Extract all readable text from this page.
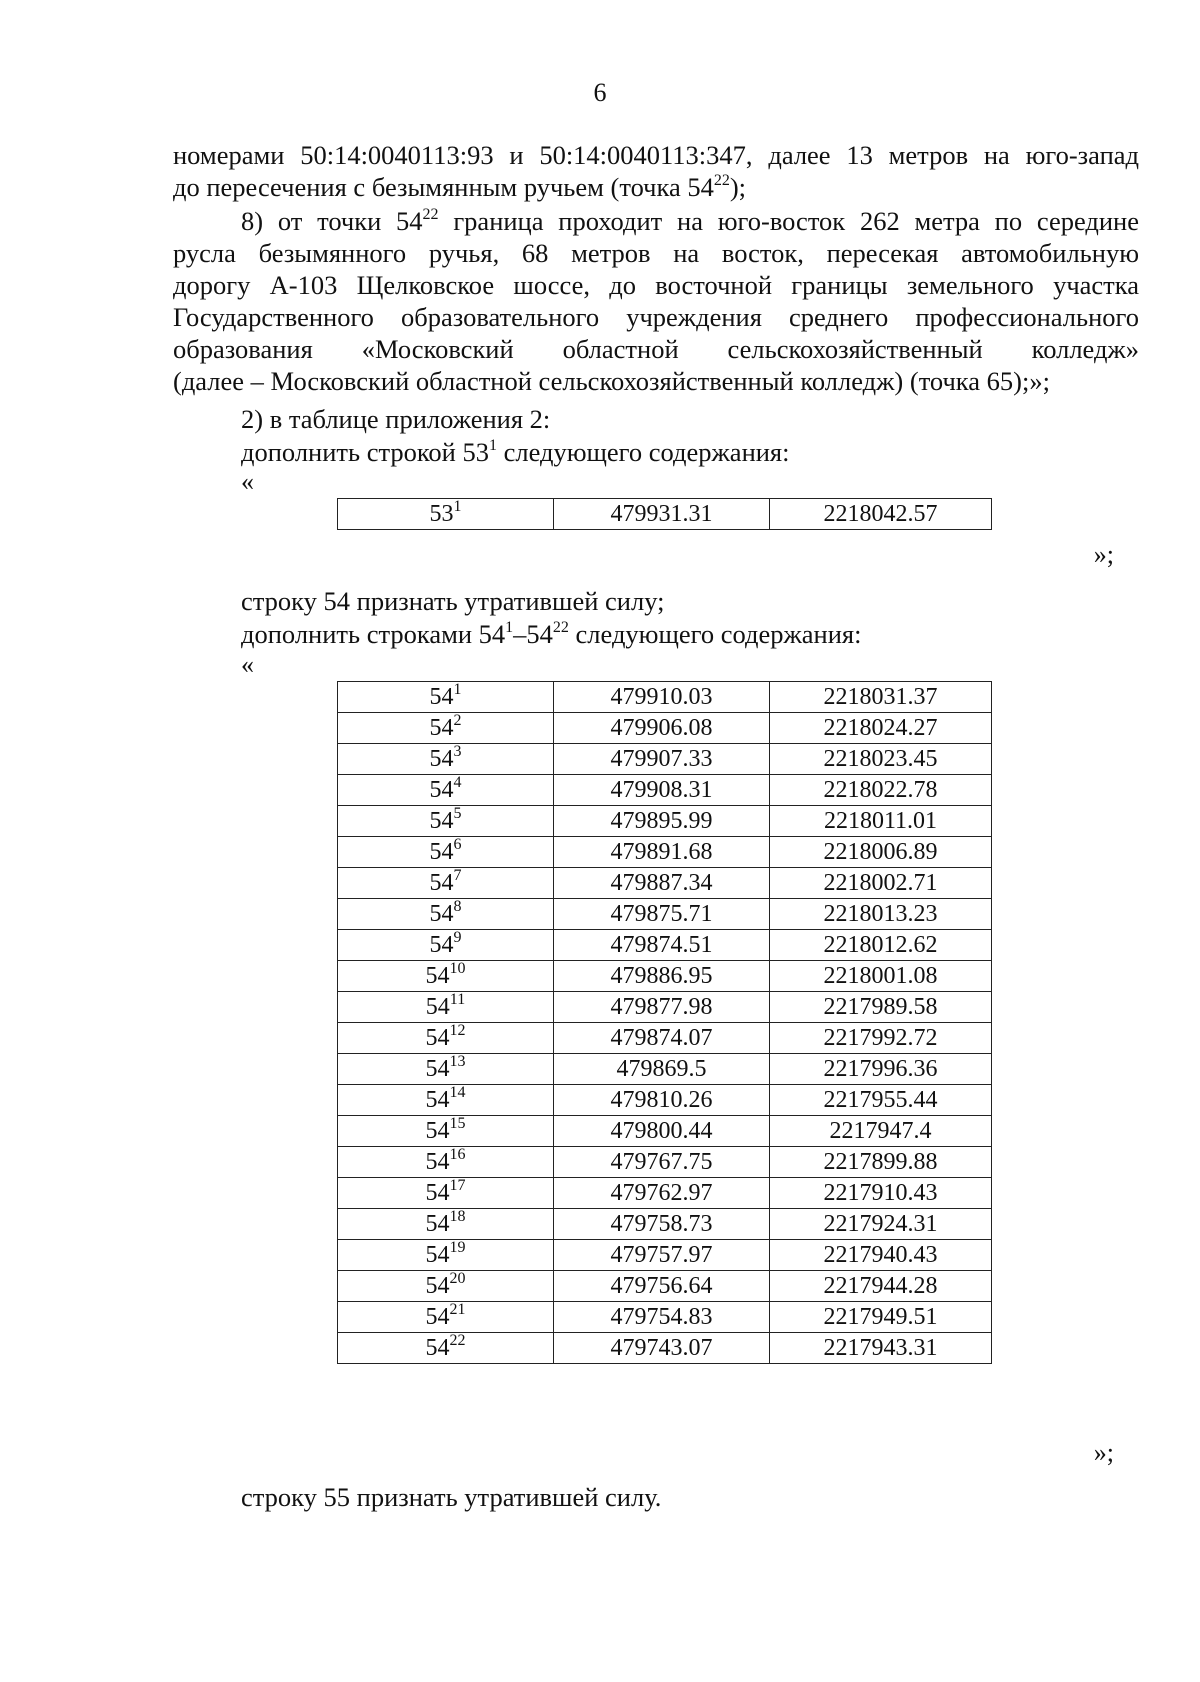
6
номерами 50:14:0040113:93 и 50:14:0040113:347, далее 13 метров на юго-запад
до пересечения с безымянным ручьем (точка $54^{22}$);
8) от точки $54^{22}$ граница проходит на юго-восток 262 метра по середине
русла безымянного ручья, 68 метров на восток, пересекая автомобильную
дорогу А-103 Щелковское шоссе, до восточной границы земельного участка
Государственного образовательного учреждения среднего профессионального
образования «Московский областной сельскохозяйственный колледж»
(далее – Московский областной сельскохозяйственный колледж) (точка 65);»;
2) в таблице приложения 2:
дополнить строкой $53^1$ следующего содержания:
«
$53^1$	479931.31	2218042.57
»;
строку 54 признать утратившей силу;
дополнить строками $54^1-54^{22}$ следующего содержания:
«
$54^1$	479910.03	2218031.37
$54^2$	479906.08	2218024.27
$54^3$	479907.33	2218023.45
$54^4$	479908.31	2218022.78
$54^5$	479895.99	2218011.01
$54^6$	479891.68	2218006.89
$54^7$	479887.34	2218002.71
$54^8$	479875.71	2218013.23
$54^9$	479874.51	2218012.62
$54^{10}$	479886.95	2218001.08
$54^{11}$	479877.98	2217989.58
$54^{12}$	479874.07	2217992.72
$54^{13}$	479869.5	2217996.36
$54^{14}$	479810.26	2217955.44
$54^{15}$	479800.44	2217947.4
$54^{16}$	479767.75	2217899.88
$54^{17}$	479762.97	2217910.43
$54^{18}$	479758.73	2217924.31
$54^{19}$	479757.97	2217940.43
$54^{20}$	479756.64	2217944.28
$54^{21}$	479754.83	2217949.51
$54^{22}$	479743.07	2217943.31
»;
строку 55 признать утратившей силу.
